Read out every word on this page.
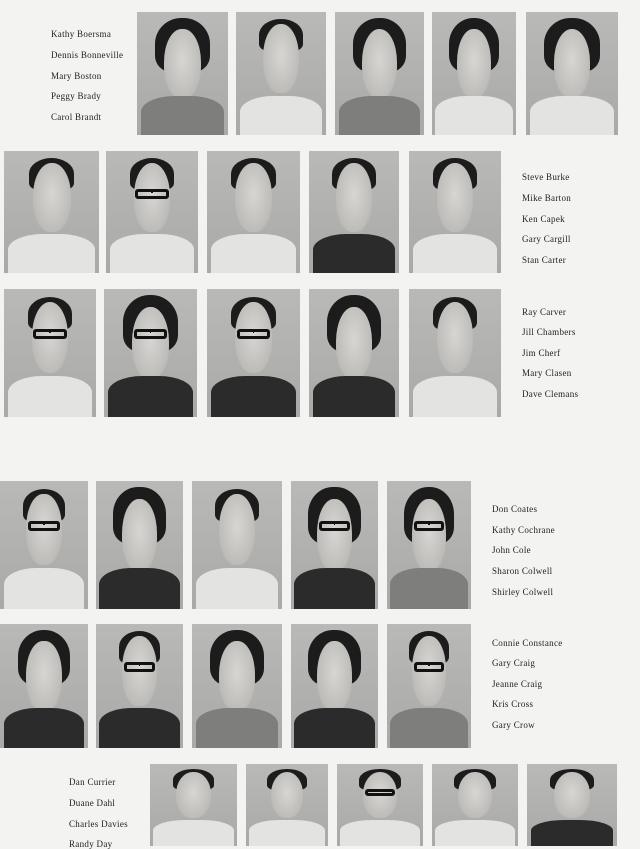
Kathy Boersma
Dennis Bonneville
Mary Boston
Peggy Brady
Carol Brandt
Steve Burke
Mike Barton
Ken Capek
Gary Cargill
Stan Carter
Ray Carver
Jill Chambers
Jim Cherf
Mary Clasen
Dave Clemans
Don Coates
Kathy Cochrane
John Cole
Sharon Colwell
Shirley Colwell
Connie Constance
Gary Craig
Jeanne Craig
Kris Cross
Gary Crow
Dan Currier
Duane Dahl
Charles Davies
Randy Day
